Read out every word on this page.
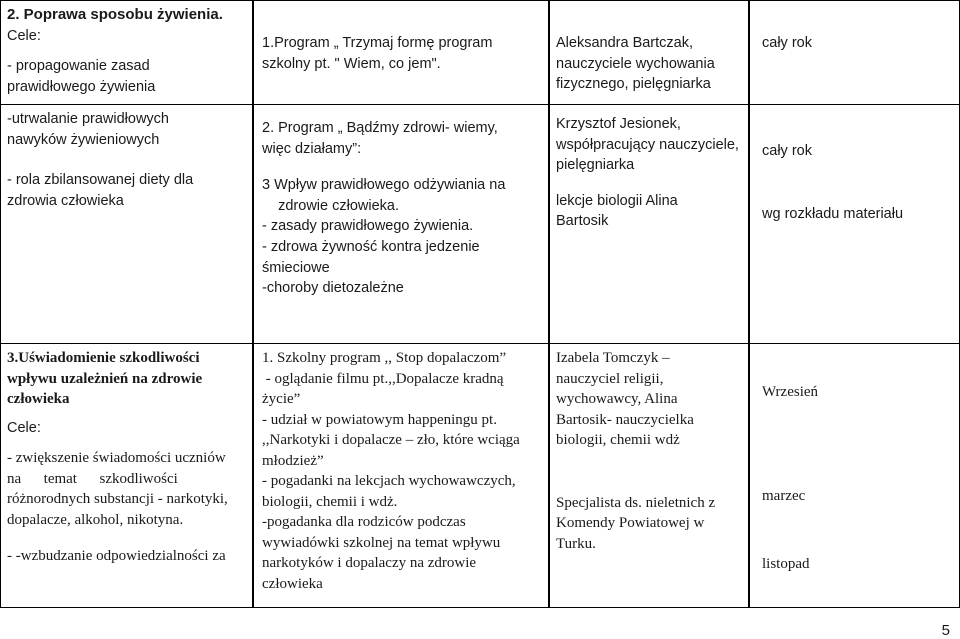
2. Poprawa sposobu żywienia.

Cele:

- propagowanie zasad

prawidłowego żywienia

1.Program „ Trzymaj formę program

szkolny pt. " Wiem, co jem".

Aleksandra Bartczak,

nauczyciele wychowania

fizycznego, pielęgniarka

cały rok

-utrwalanie prawidłowych

nawyków żywieniowych

- rola zbilansowanej diety dla

zdrowia człowieka

2. Program „ Bądźmy zdrowi- wiemy,

więc działamy”:

3 Wpływ prawidłowego odżywiania na

zdrowie człowieka.

- zasady prawidłowego żywienia.

- zdrowa żywność kontra jedzenie

śmieciowe

-choroby dietozależne

Krzysztof Jesionek,

współpracujący nauczyciele,

pielęgniarka

lekcje biologii Alina

Bartosik

cały rok

wg rozkładu materiału

3.Uświadomienie szkodliwości

wpływu uzależnień na zdrowie

człowieka

Cele:

- zwiększenie świadomości uczniów

na      temat      szkodliwości

różnorodnych substancji - narkotyki,

dopalacze, alkohol, nikotyna.

- -wzbudzanie odpowiedzialności za

1. Szkolny program ,, Stop dopalaczom”

- oglądanie filmu pt.,,Dopalacze kradną

życie”

- udział w powiatowym happeningu pt.

,,Narkotyki i dopalacze – zło, które wciąga

młodzież”

- pogadanki na lekcjach wychowawczych,

biologii, chemii i wdż.

-pogadanka dla rodziców podczas

wywiadówki szkolnej na temat wpływu

narkotyków i dopalaczy na zdrowie

człowieka

Izabela Tomczyk –

nauczyciel religii,

wychowawcy, Alina

Bartosik- nauczycielka

biologii, chemii wdż

Specjalista ds. nieletnich z

Komendy Powiatowej w

Turku.

Wrzesień

marzec

listopad

5
